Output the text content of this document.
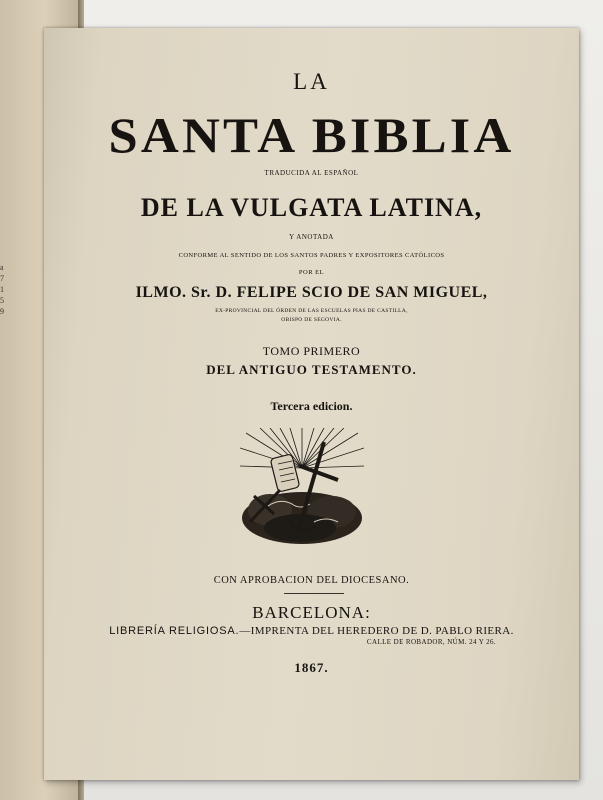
a
7
1
5
9
LA
SANTA BIBLIA
TRADUCIDA AL ESPAÑOL
DE LA VULGATA LATINA,
Y ANOTADA
CONFORME AL SENTIDO DE LOS SANTOS PADRES Y EXPOSITORES CATÓLICOS
POR EL
ILMO. Sr. D. FELIPE SCIO DE SAN MIGUEL,
EX-PROVINCIAL DEL ÓRDEN DE LAS ESCUELAS PIAS DE CASTILLA,
OBISPO DE SEGOVIA.
TOMO PRIMERO
DEL ANTIGUO TESTAMENTO.
Tercera edicion.
CON APROBACION DEL DIOCESANO.
BARCELONA:
LIBRERÍA RELIGIOSA.—IMPRENTA DEL HEREDERO DE D. PABLO RIERA.
CALLE DE ROBADOR, NÚM. 24 Y 26.
1867.
